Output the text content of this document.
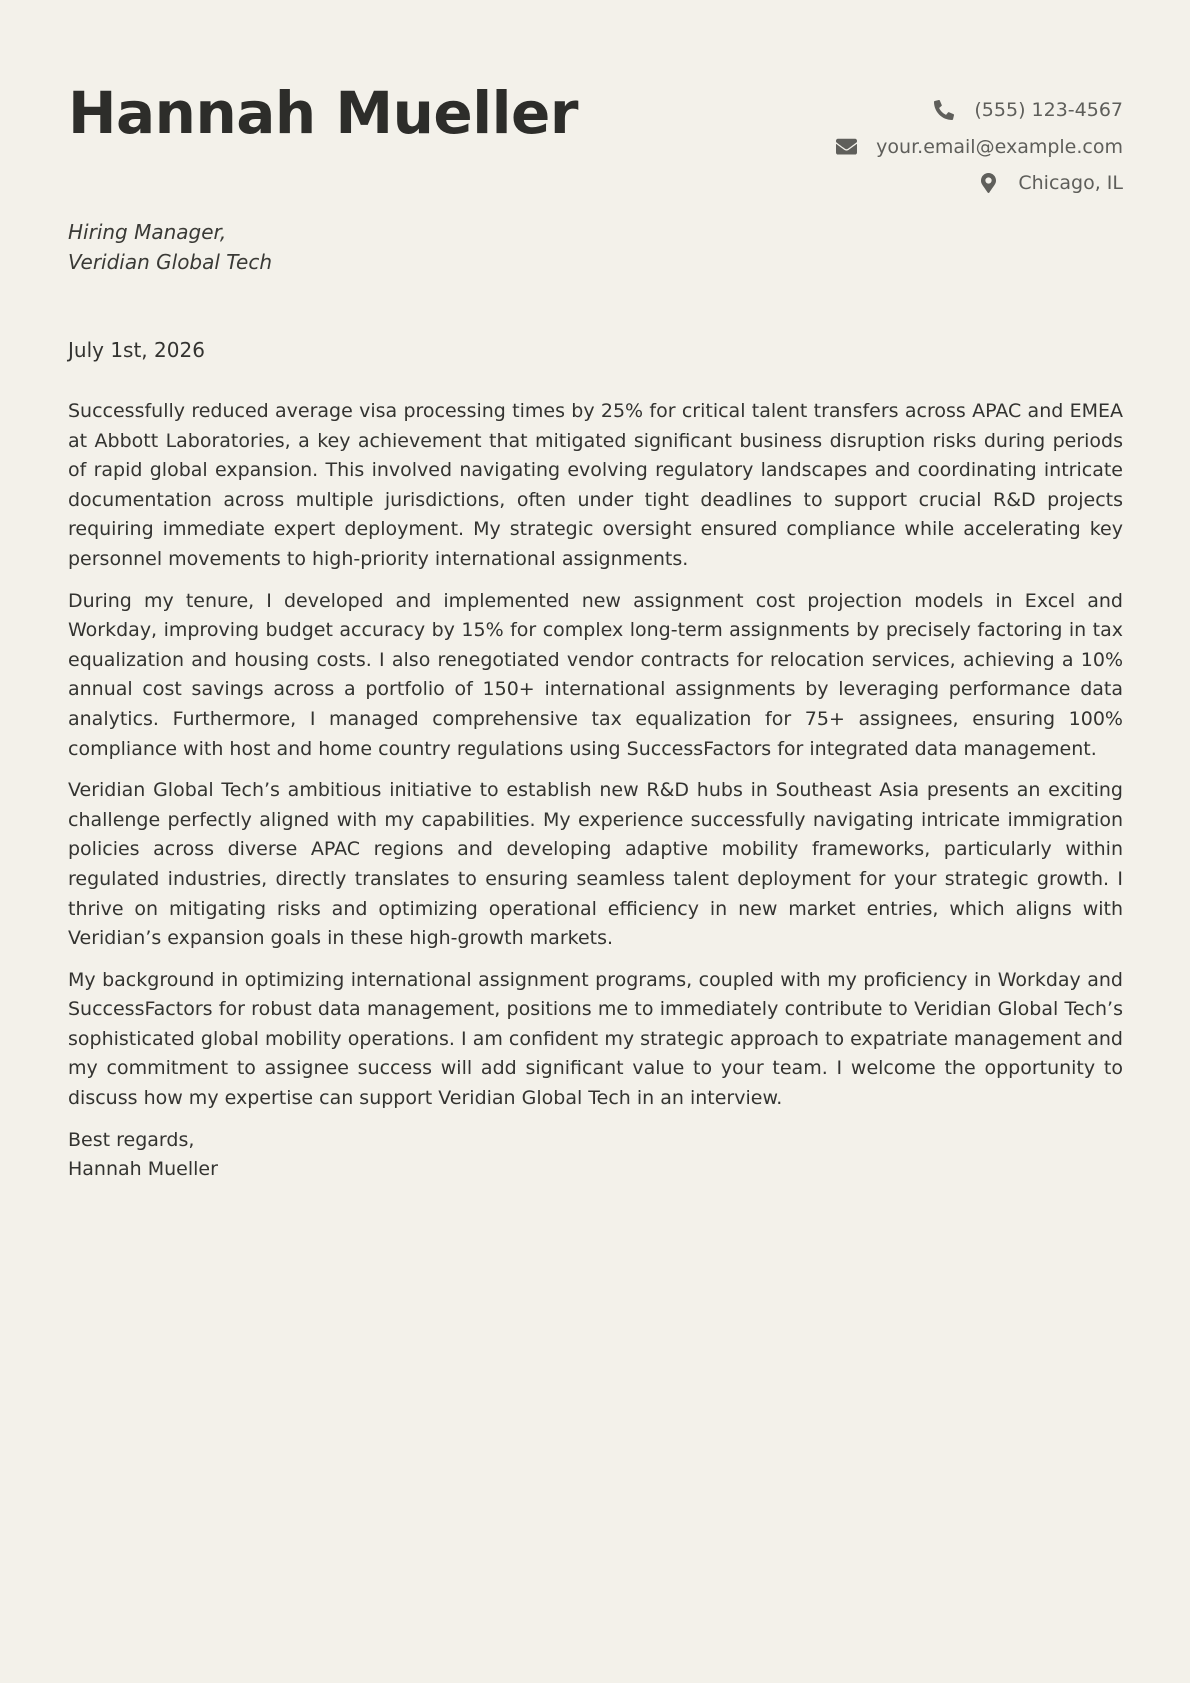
Hannah Mueller	(555) 123-4567
your.email@example.com
Chicago, IL
Hiring Manager,
Veridian Global Tech
July 1st, 2026

Successfully reduced average visa processing times by 25% for critical talent transfers across APAC and EMEA at Abbott Laboratories, a key achievement that mitigated significant business disruption risks during periods of rapid global expansion. This involved navigating evolving regulatory landscapes and coordinating intricate documentation across multiple jurisdictions, often under tight deadlines to support crucial R&D projects requiring immediate expert deployment. My strategic oversight ensured compliance while accelerating key personnel movements to high-priority international assignments.

During my tenure, I developed and implemented new assignment cost projection models in Excel and Workday, improving budget accuracy by 15% for complex long-term assignments by precisely factoring in tax equalization and housing costs. I also renegotiated vendor contracts for relocation services, achieving a 10% annual cost savings across a portfolio of 150+ international assignments by leveraging performance data analytics. Furthermore, I managed comprehensive tax equalization for 75+ assignees, ensuring 100% compliance with host and home country regulations using SuccessFactors for integrated data management.

Veridian Global Tech’s ambitious initiative to establish new R&D hubs in Southeast Asia presents an exciting challenge perfectly aligned with my capabilities. My experience successfully navigating intricate immigration policies across diverse APAC regions and developing adaptive mobility frameworks, particularly within regulated industries, directly translates to ensuring seamless talent deployment for your strategic growth. I thrive on mitigating risks and optimizing operational efficiency in new market entries, which aligns with Veridian’s expansion goals in these high-growth markets.

My background in optimizing international assignment programs, coupled with my proficiency in Workday and SuccessFactors for robust data management, positions me to immediately contribute to Veridian Global Tech’s sophisticated global mobility operations. I am confident my strategic approach to expatriate management and my commitment to assignee success will add significant value to your team. I welcome the opportunity to discuss how my expertise can support Veridian Global Tech in an interview.

Best regards,
Hannah Mueller
